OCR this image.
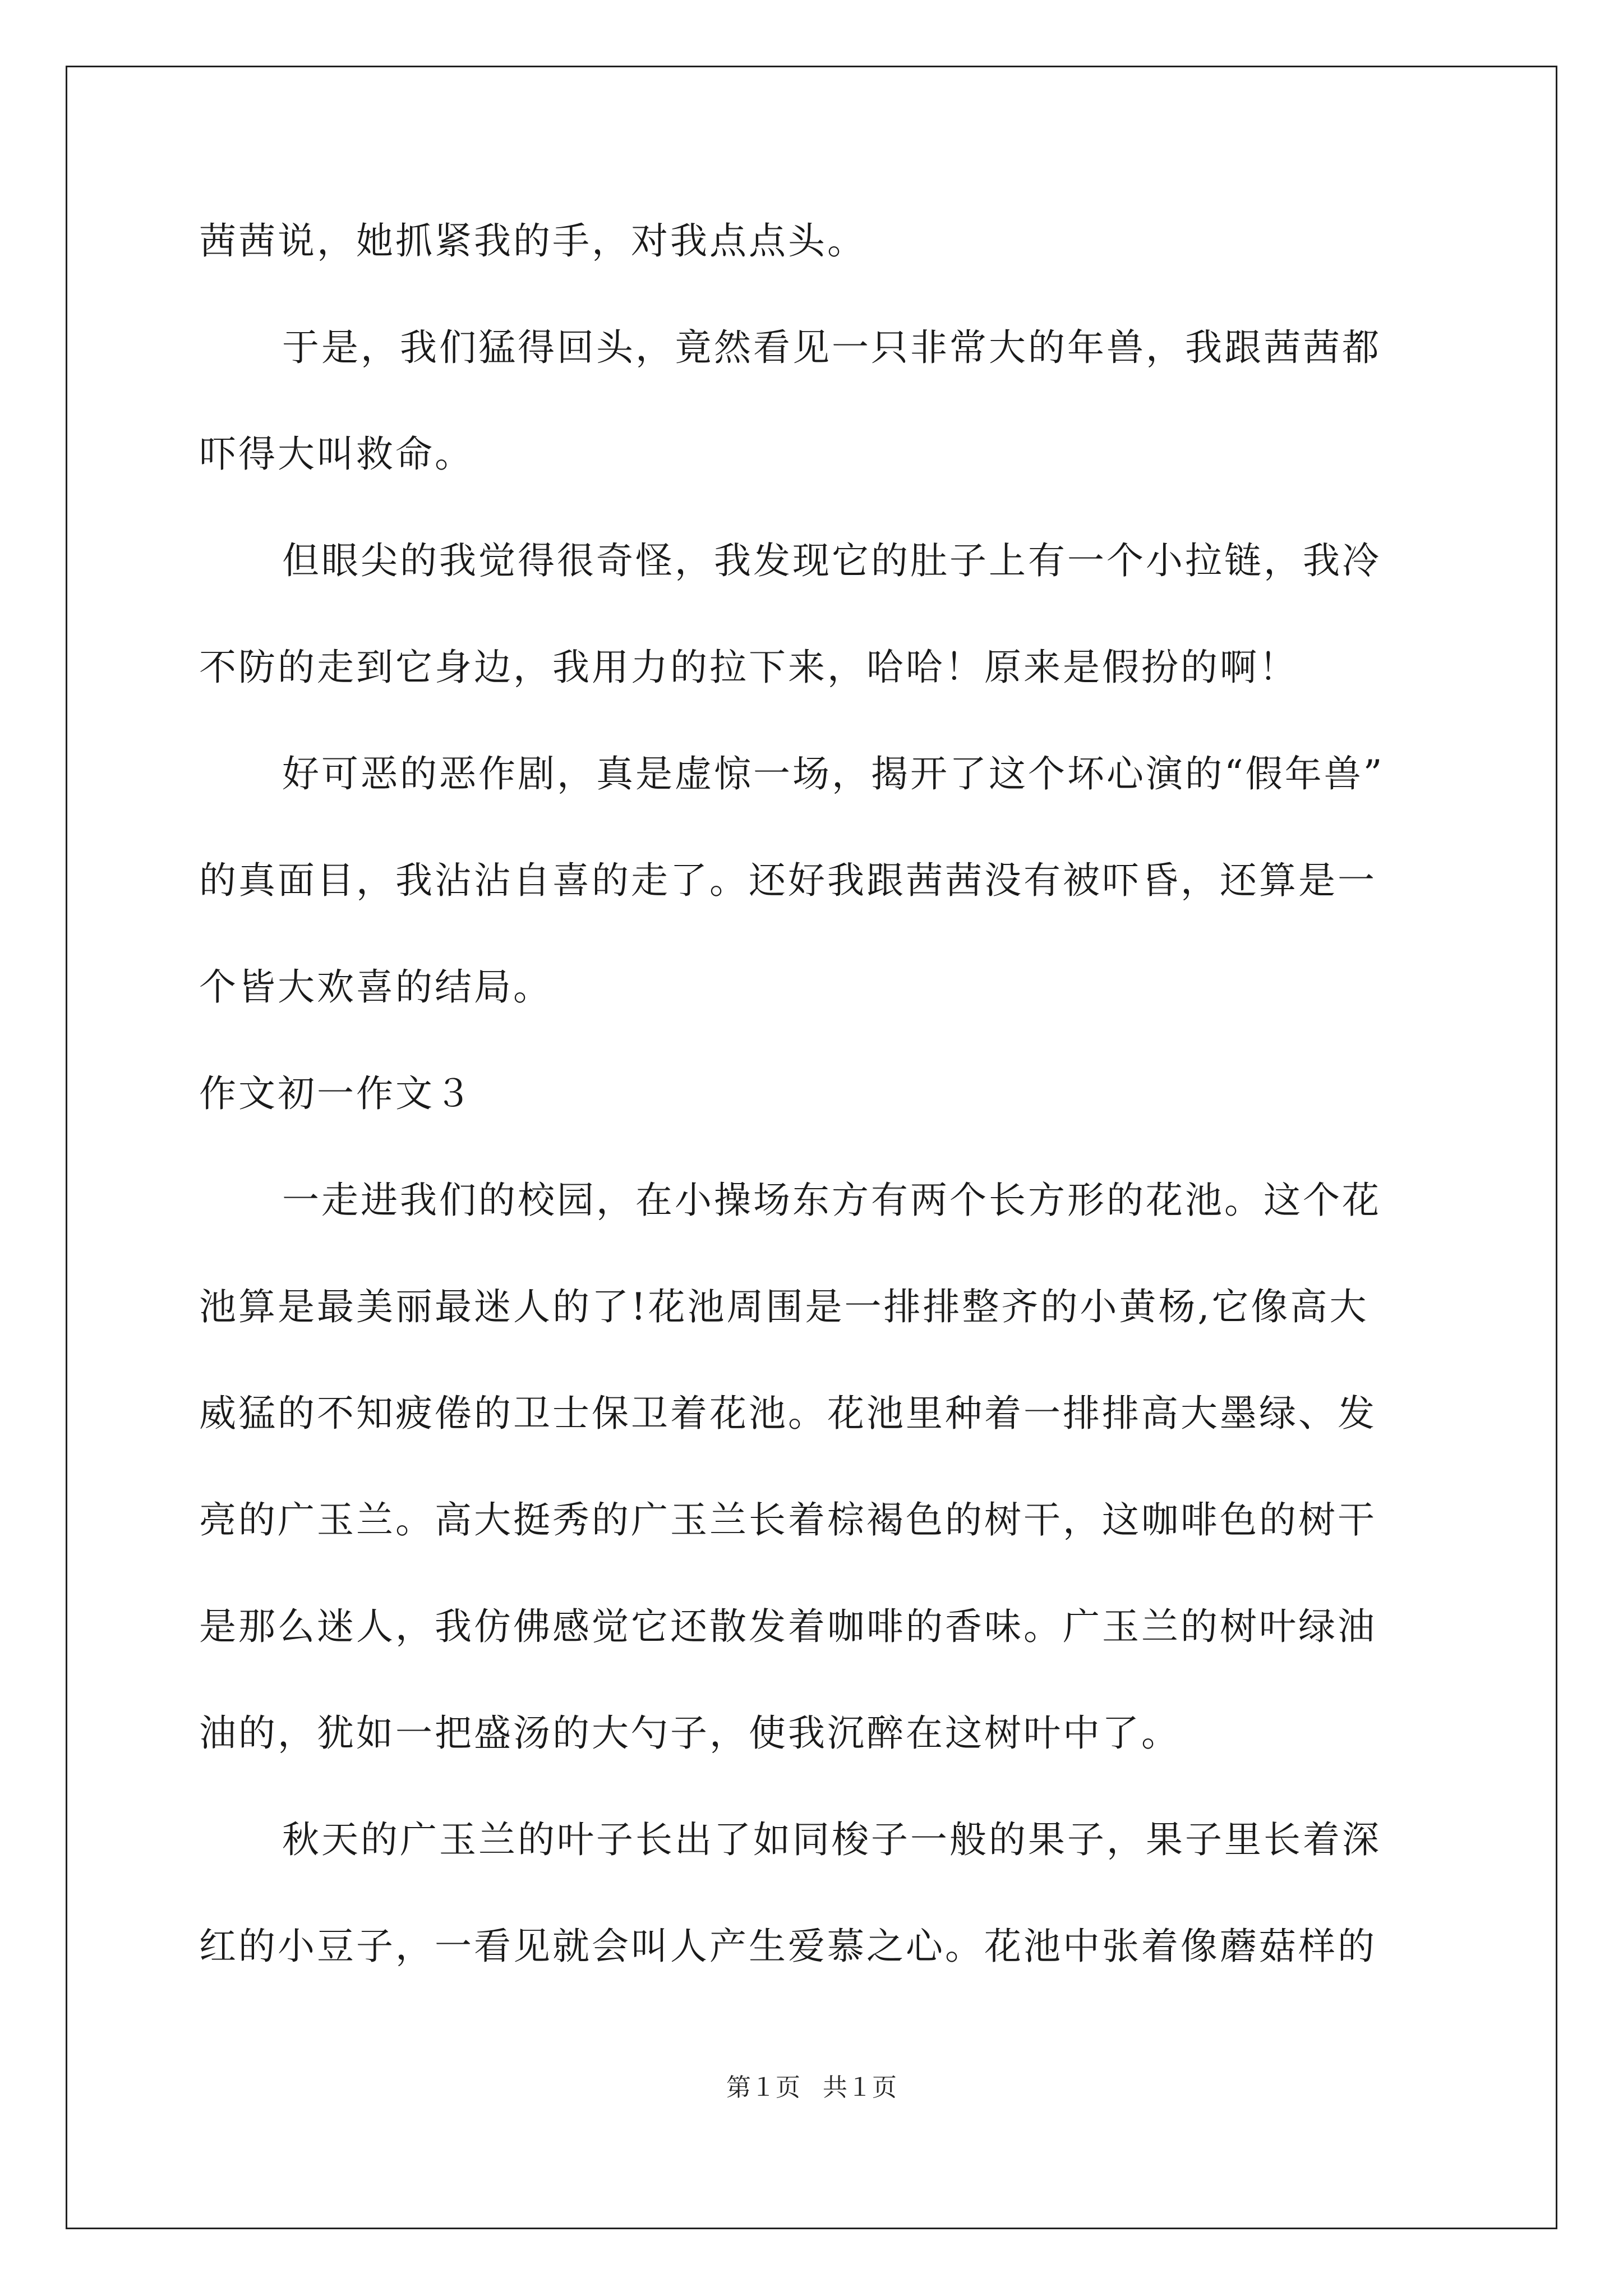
茜茜说，她抓紧我的手，对我点点头。
于是，我们猛得回头，竟然看见一只非常大的年兽，我跟茜茜都
吓得大叫救命。
但眼尖的我觉得很奇怪，我发现它的肚子上有一个小拉链，我冷
不防的走到它身边，我用力的拉下来，哈哈！原来是假扮的啊！
好可恶的恶作剧，真是虚惊一场，揭开了这个坏心演的“假年兽”
的真面目，我沾沾自喜的走了。还好我跟茜茜没有被吓昏，还算是一
个皆大欢喜的结局。
作文初一作文３
一走进我们的校园，在小操场东方有两个长方形的花池。这个花
池算是最美丽最迷人的了!花池周围是一排排整齐的小黄杨,它像高大
威猛的不知疲倦的卫士保卫着花池。花池里种着一排排高大墨绿、发
亮的广玉兰。高大挺秀的广玉兰长着棕褐色的树干，这咖啡色的树干
是那么迷人，我仿佛感觉它还散发着咖啡的香味。广玉兰的树叶绿油
油的，犹如一把盛汤的大勺子，使我沉醉在这树叶中了。
秋天的广玉兰的叶子长出了如同梭子一般的果子，果子里长着深
红的小豆子，一看见就会叫人产生爱慕之心。花池中张着像蘑菇样的
第１页 共１页
